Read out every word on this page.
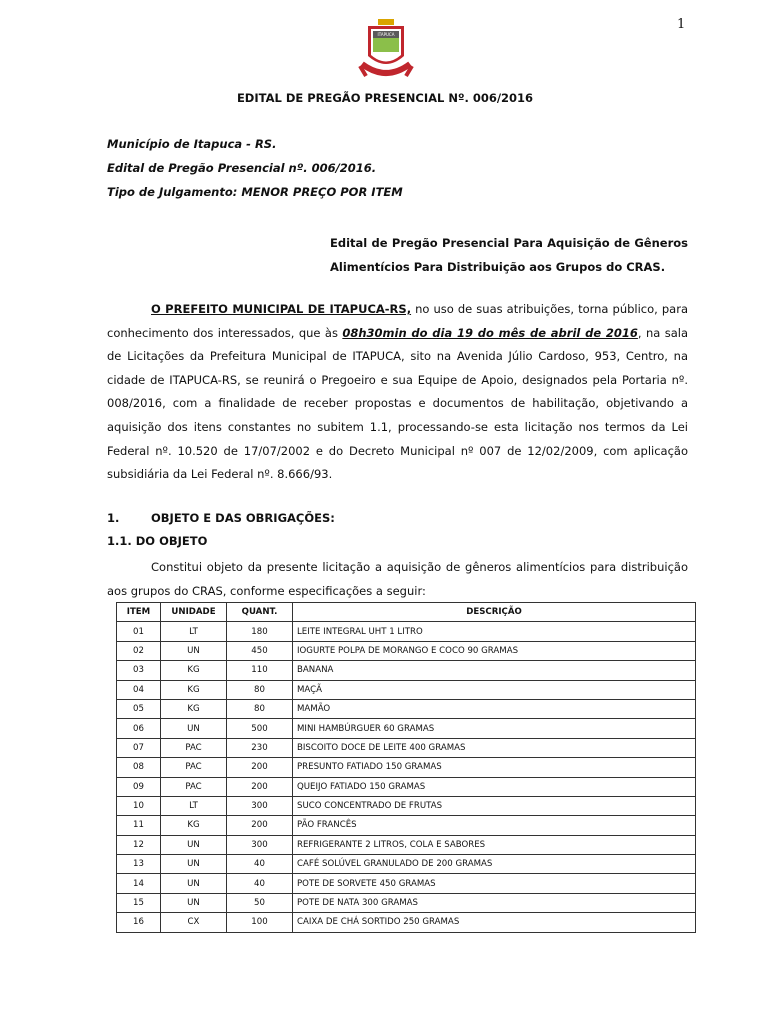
1
ITAPUCA
EDITAL DE PREGÃO PRESENCIAL Nº. 006/2016
Município de Itapuca - RS.
Edital de Pregão Presencial nº. 006/2016.
Tipo de Julgamento: MENOR PREÇO POR ITEM
Edital de Pregão Presencial Para Aquisição de Gêneros
Alimentícios Para Distribuição aos Grupos do CRAS.
O PREFEITO MUNICIPAL DE ITAPUCA-RS, no uso de suas atribuições, torna público, para conhecimento dos interessados, que às 08h30min do dia 19 do mês de abril de 2016, na sala de Licitações da Prefeitura Municipal de ITAPUCA, sito na Avenida Júlio Cardoso, 953, Centro, na cidade de ITAPUCA-RS, se reunirá o Pregoeiro e sua Equipe de Apoio, designados pela Portaria nº. 008/2016, com a finalidade de receber propostas e documentos de habilitação, objetivando a aquisição dos itens constantes no subitem 1.1, processando-se esta licitação nos termos da Lei Federal nº. 10.520 de 17/07/2002 e do Decreto Municipal nº 007 de 12/02/2009, com aplicação subsidiária da Lei Federal nº. 8.666/93.
1.	OBJETO E DAS OBRIGAÇÕES:
1.1. DO OBJETO
Constitui objeto da presente licitação a aquisição de gêneros alimentícios para distribuição aos grupos do CRAS, conforme especificações a seguir:
ITEM	UNIDADE	QUANT.	DESCRIÇÃO
01	LT	180	LEITE INTEGRAL UHT 1 LITRO
02	UN	450	IOGURTE POLPA DE MORANGO E COCO 90 GRAMAS
03	KG	110	BANANA
04	KG	80	MAÇÃ
05	KG	80	MAMÃO
06	UN	500	MINI HAMBÚRGUER 60 GRAMAS
07	PAC	230	BISCOITO DOCE DE LEITE 400 GRAMAS
08	PAC	200	PRESUNTO FATIADO 150 GRAMAS
09	PAC	200	QUEIJO FATIADO 150 GRAMAS
10	LT	300	SUCO CONCENTRADO DE FRUTAS
11	KG	200	PÃO FRANCÊS
12	UN	300	REFRIGERANTE 2 LITROS, COLA E SABORES
13	UN	40	CAFÉ SOLÚVEL GRANULADO DE 200 GRAMAS
14	UN	40	POTE DE SORVETE 450 GRAMAS
15	UN	50	POTE DE NATA 300 GRAMAS
16	CX	100	CAIXA DE CHÁ SORTIDO 250 GRAMAS
